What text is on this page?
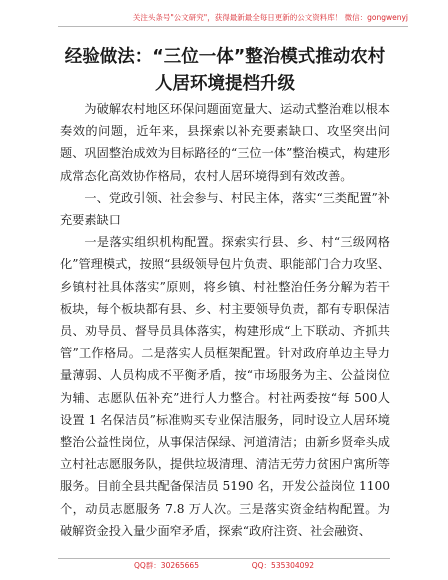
关注头条号"公文研究"，获得最新最全每日更新的公文资料库！ 微信：gongwenyj
经验做法：“三位一体”整治模式推动农村人居环境提档升级

为破解农村地区环保问题面宽量大、运动式整治难以根本奏效的问题，近年来，县探索以补充要素缺口、攻坚突出问题、巩固整治成效为目标路径的“三位一体”整治模式，构建形成常态化高效协作格局，农村人居环境得到有效改善。

一、党政引领、社会参与、村民主体，落实“三类配置”补充要素缺口

一是落实组织机构配置。探索实行县、乡、村“三级网格化”管理模式，按照“县级领导包片负责、职能部门合力攻坚、乡镇村社具体落实”原则，将乡镇、村社整治任务分解为若干板块，每个板块都有县、乡、村主要领导负责，都有专职保洁员、劝导员、督导员具体落实，构建形成“上下联动、齐抓共管”工作格局。二是落实人员框架配置。针对政府单边主导力量薄弱、人员构成不平衡矛盾，按“市场服务为主、公益岗位为辅、志愿队伍补充”进行人力整合。村社两委按“每 500人设置 1 名保洁员”标准购买专业保洁服务，同时设立人居环境整治公益性岗位，从事保洁保绿、河道清洁；由新乡贤牵头成立村社志愿服务队，提供垃圾清理、清洁无劳力贫困户寓所等服务。目前全县共配备保洁员 5190 名，开发公益岗位 1100 个，动员志愿服务 7.8 万人次。三是落实资金结构配置。为破解资金投入量少面窄矛盾，探索“政府注资、社会融资、

QQ群：30265665	QQ：535304092
